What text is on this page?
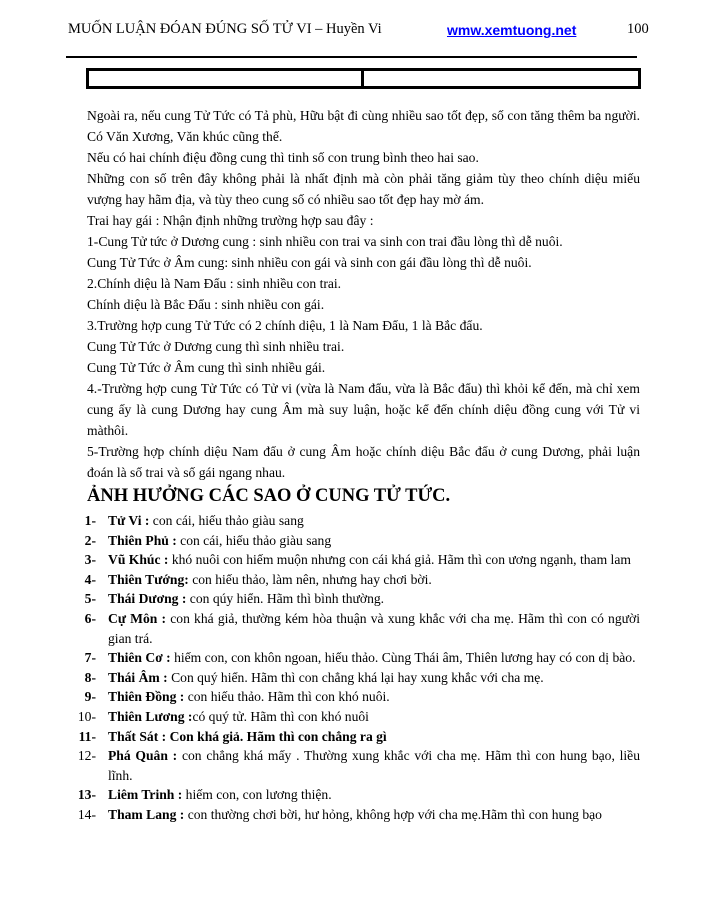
MUỐN LUẬN ĐÓAN ĐÚNG SỐ TỬ VI – Huyền Vi	wmw.xemtuong.net	100

Ngoài ra, nếu cung Tử Tức có Tả phù, Hữu bật đi cùng nhiều sao tốt đẹp, số con tăng thêm ba người. Có Văn Xương, Văn khúc cũng thế.

Nếu có hai chính điệu đồng cung thì tinh số con trung bình theo hai sao.

Những con số trên đây không phải là nhất định mà còn phải tăng giảm tùy theo chính diệu miếu vượng hay hãm địa, và tùy theo cung số có nhiều sao tốt đẹp hay mờ ám.

Trai hay gái : Nhận định những trường hợp sau đây :

1-Cung Tử tức ở Dương cung : sinh nhiều con trai va sinh con trai đầu lòng thì dễ nuôi.

Cung Tử Tức ở Âm cung: sinh nhiều con gái và sinh con gái đầu lòng thì dễ nuôi.

2.Chính diệu là Nam Đẩu : sinh nhiều con trai.

Chính diệu là Bắc Đẩu : sinh nhiều con gái.

3.Trường hợp cung Tử Tức có 2 chính diệu, 1 là Nam Đẩu, 1 là Bắc đẩu.

Cung Tử Tức ở Dương cung thì sinh nhiều trai.

Cung Tử Tức ở Âm cung thì sinh nhiều gái.

4.-Trường hợp cung Tử Tức có Tử vi (vừa là Nam đẩu, vừa là Bắc đẩu) thì khỏi kể đến, mà chỉ xem cung ấy là cung Dương hay cung Âm mà suy luận, hoặc kể đến chính diệu đồng cung với Tử vi màthôi.

5-Trường hợp chính diệu Nam đẩu ở cung Âm hoặc chính diệu Bắc đẩu ở cung Dương, phải luận đoán là số trai và số gái ngang nhau.

ẢNH HƯỞNG CÁC SAO Ở CUNG TỬ TỨC.
1- Tử Vi : con cái, hiếu thảo giàu sang
2- Thiên Phủ : con cái, hiếu thảo giàu sang
3- Vũ Khúc : khó nuôi con hiếm muộn nhưng con cái khá giả. Hãm thì con ương ngạnh, tham lam
4- Thiên Tướng: con hiếu thảo, làm nên, nhưng hay chơi bời.
5- Thái Dương : con qúy hiển. Hãm thì bình thường.
6- Cự Môn : con khá giả, thường kém hòa thuận và xung khắc với cha mẹ. Hãm thì con có người gian trá.
7- Thiên Cơ : hiếm con, con khôn ngoan, hiếu thảo. Cùng Thái âm, Thiên lương hay có con dị bào.
8- Thái Âm : Con quý hiển. Hãm thì con chẳng khá lại hay xung khắc với cha mẹ.
9- Thiên Đồng : con hiếu thảo. Hãm thì con khó nuôi.
10- Thiên Lương :có quý tử. Hãm thì con khó nuôi
11- Thất Sát : Con khá giả. Hãm thì con chẳng ra gì
12- Phá Quân : con chẳng khá mấy . Thường xung khắc với cha mẹ. Hãm thì con hung bạo, liều lĩnh.
13- Liêm Trinh : hiếm con, con lương thiện.
14- Tham Lang : con thường chơi bời, hư hỏng, không hợp với cha mẹ.Hãm thì con hung bạo
